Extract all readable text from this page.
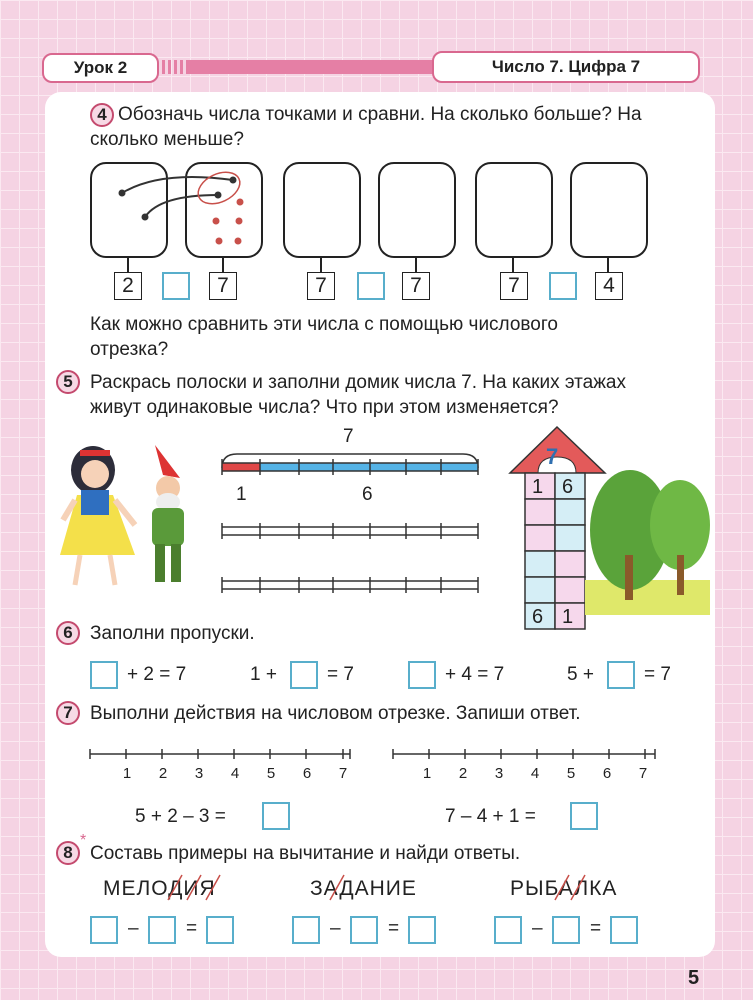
Урок 2	Число 7. Цифра 7
4 Обозначь числа точками и сравни. На сколько больше? На
сколько меньше?
2	7	7	7	7	4
Как можно сравнить эти числа с помощью числового
отрезка?
5 Раскрась полоски и заполни домик числа 7. На каких этажах
живут одинаковые числа? Что при этом изменяется?
7
1	6
7
1 6
6 1
6 Заполни пропуски.
+ 2 = 7	1 +	= 7	+ 4 = 7	5 +	= 7
7 Выполни действия на числовом отрезке. Запиши ответ.
1 2 3 4 5 6 7	1 2 3 4 5 6 7
5 + 2 – 3 =	7 – 4 + 1 =
8
*
Составь примеры на вычитание и найди ответы.
МЕЛОДИЯ	ЗАДАНИЕ	РЫБАЛКА
– =	– =	– =
5
